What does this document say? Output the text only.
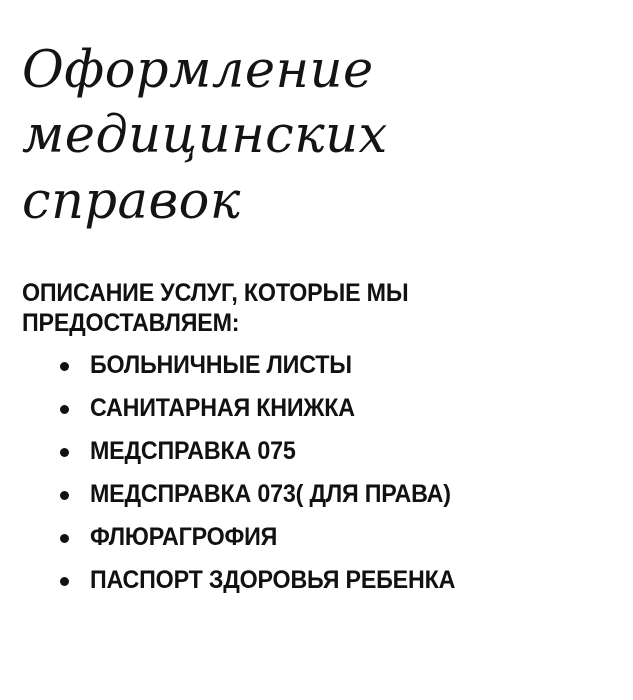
Оформление
медицинских
справок
ОПИСАНИЕ УСЛУГ, КОТОРЫЕ МЫ
ПРЕДОСТАВЛЯЕМ:
БОЛЬНИЧНЫЕ ЛИСТЫ
САНИТАРНАЯ КНИЖКА
МЕДСПРАВКА 075
МЕДСПРАВКА 073( ДЛЯ ПРАВА)
ФЛЮРАГРОФИЯ
ПАСПОРТ ЗДОРОВЬЯ РЕБЕНКА
